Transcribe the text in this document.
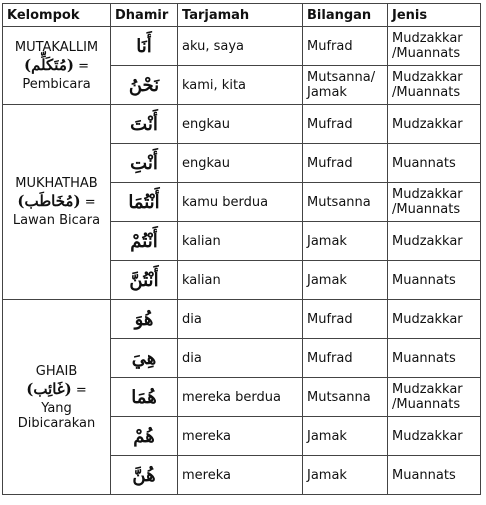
Kelompok	Dhamir	Tarjamah	Bilangan	Jenis

MUTAKALLIM
(مُتَكَلِّم) =
Pembicara	أَنَا	aku, saya	Mufrad	Mudzakkar /Muannats
	نَحْنُ	kami, kita	Mutsanna/ Jamak	Mudzakkar /Muannats

MUKHATHAB
(مُخَاطَب) =
Lawan Bicara	أَنْتَ	engkau	Mufrad	Mudzakkar
	أَنْتِ	engkau	Mufrad	Muannats
	أَنْتُمَا	kamu berdua	Mutsanna	Mudzakkar /Muannats
	أَنْتُمْ	kalian	Jamak	Mudzakkar
	أَنْتُنَّ	kalian	Jamak	Muannats

GHAIB
(غَائِب) =
Yang Dibicarakan	هُوَ	dia	Mufrad	Mudzakkar
	هِيَ	dia	Mufrad	Muannats
	هُمَا	mereka berdua	Mutsanna	Mudzakkar /Muannats
	هُمْ	mereka	Jamak	Mudzakkar
	هُنَّ	mereka	Jamak	Muannats
